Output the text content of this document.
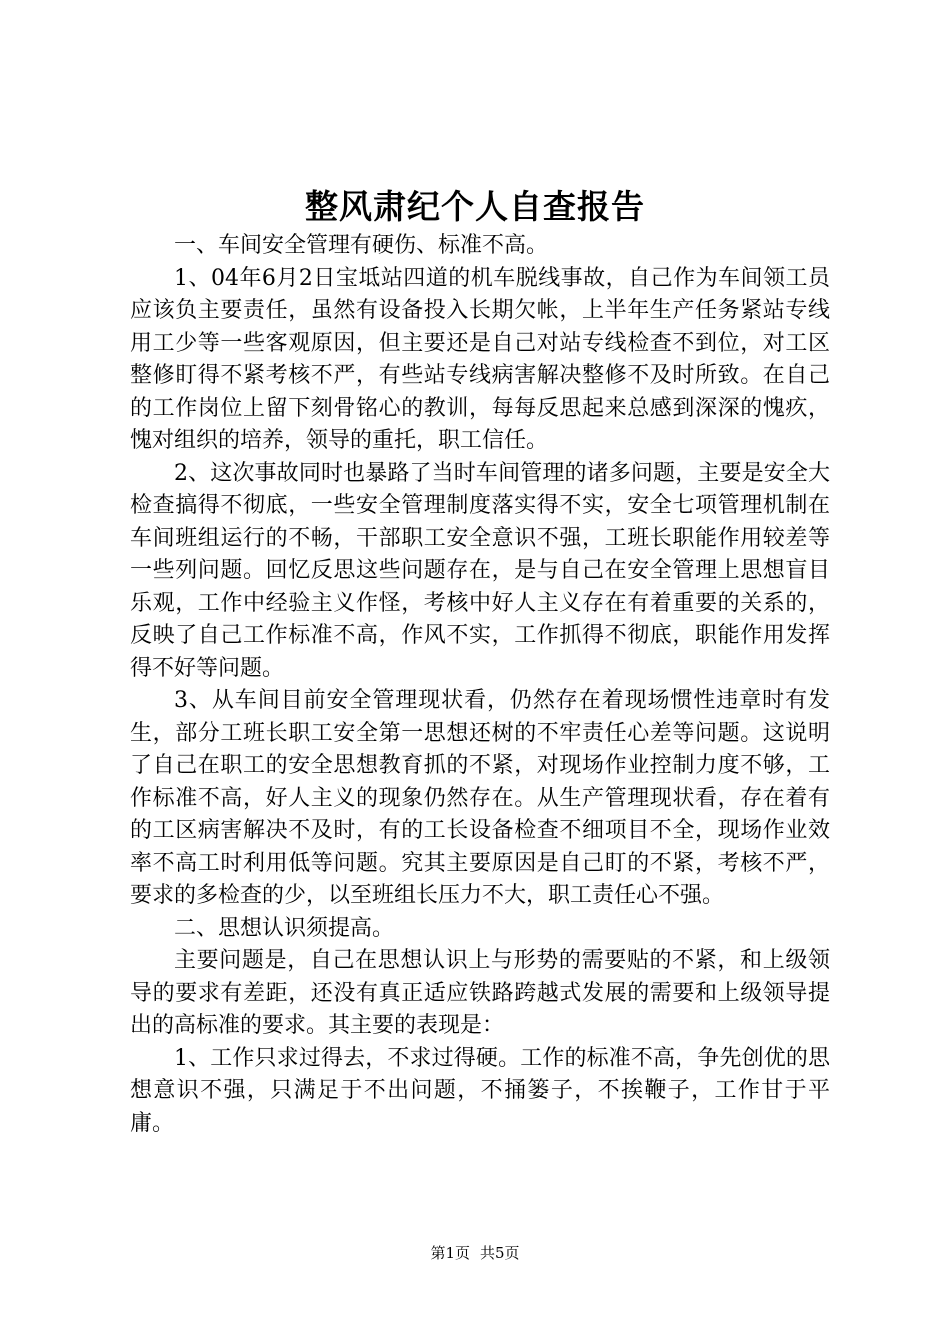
整风肃纪个人自查报告

一、车间安全管理有硬伤、标准不高。

1、04年6月2日宝坻站四道的机车脱线事故，自己作为车间领工员应该负主要责任，虽然有设备投入长期欠帐，上半年生产任务紧站专线用工少等一些客观原因，但主要还是自己对站专线检查不到位，对工区整修盯得不紧考核不严，有些站专线病害解决整修不及时所致。在自己的工作岗位上留下刻骨铭心的教训，每每反思起来总感到深深的愧疚，愧对组织的培养，领导的重托，职工信任。

2、这次事故同时也暴路了当时车间管理的诸多问题，主要是安全大检查搞得不彻底，一些安全管理制度落实得不实，安全七项管理机制在车间班组运行的不畅，干部职工安全意识不强，工班长职能作用较差等一些列问题。回忆反思这些问题存在，是与自己在安全管理上思想盲目乐观，工作中经验主义作怪，考核中好人主义存在有着重要的关系的，反映了自己工作标准不高，作风不实，工作抓得不彻底，职能作用发挥得不好等问题。

3、从车间目前安全管理现状看，仍然存在着现场惯性违章时有发生，部分工班长职工安全第一思想还树的不牢责任心差等问题。这说明了自己在职工的安全思想教育抓的不紧，对现场作业控制力度不够，工作标准不高，好人主义的现象仍然存在。从生产管理现状看，存在着有的工区病害解决不及时，有的工长设备检查不细项目不全，现场作业效率不高工时利用低等问题。究其主要原因是自己盯的不紧，考核不严，要求的多检查的少，以至班组长压力不大，职工责任心不强。

二、思想认识须提高。

主要问题是，自己在思想认识上与形势的需要贴的不紧，和上级领导的要求有差距，还没有真正适应铁路跨越式发展的需要和上级领导提出的高标准的要求。其主要的表现是：

1、工作只求过得去，不求过得硬。工作的标准不高，争先创优的思想意识不强，只满足于不出问题，不捅篓子，不挨鞭子，工作甘于平庸。

第1页 共5页
